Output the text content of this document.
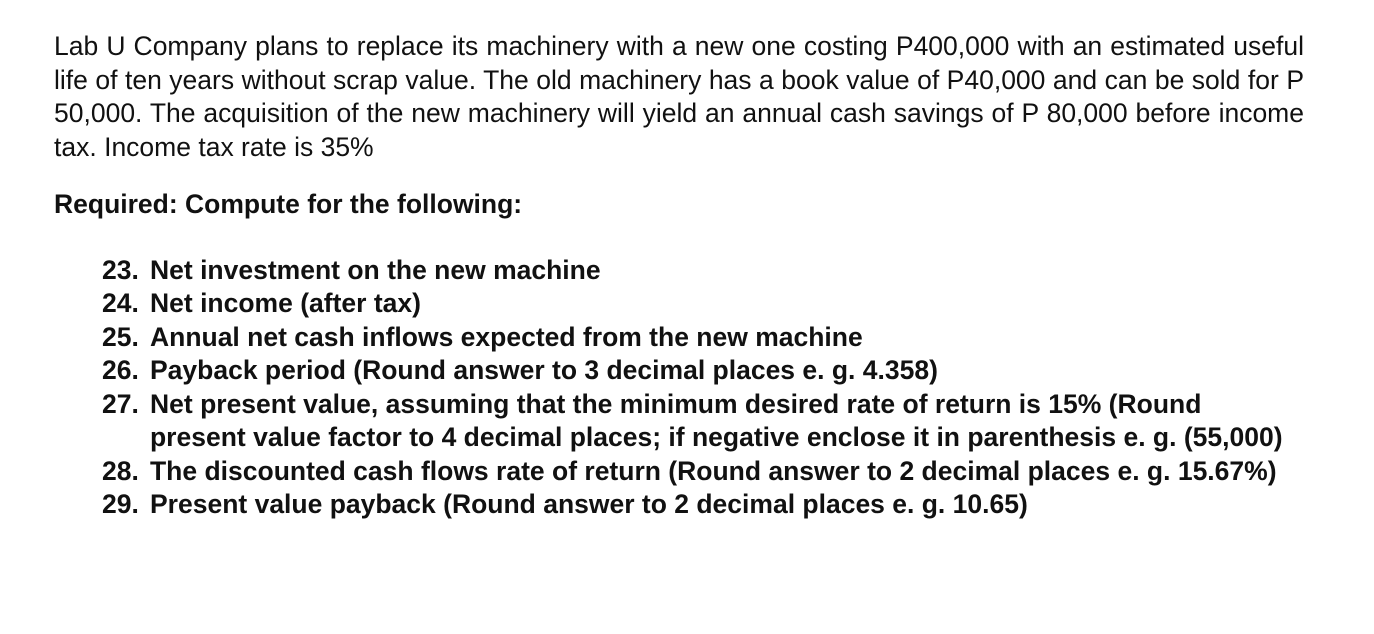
Lab U Company plans to replace its machinery with a new one costing P400,000 with an estimated useful life of ten years without scrap value. The old machinery has a book value of P40,000 and can be sold for P 50,000. The acquisition of the new machinery will yield an annual cash savings of P 80,000 before income tax. Income tax rate is 35%

Required: Compute for the following:

23. Net investment on the new machine
24. Net income (after tax)
25. Annual net cash inflows expected from the new machine
26. Payback period (Round answer to 3 decimal places e. g. 4.358)
27. Net present value, assuming that the minimum desired rate of return is 15% (Round present value factor to 4 decimal places; if negative enclose it in parenthesis e. g. (55,000)
28. The discounted cash flows rate of return (Round answer to 2 decimal places e. g. 15.67%)
29. Present value payback (Round answer to 2 decimal places e. g. 10.65)
